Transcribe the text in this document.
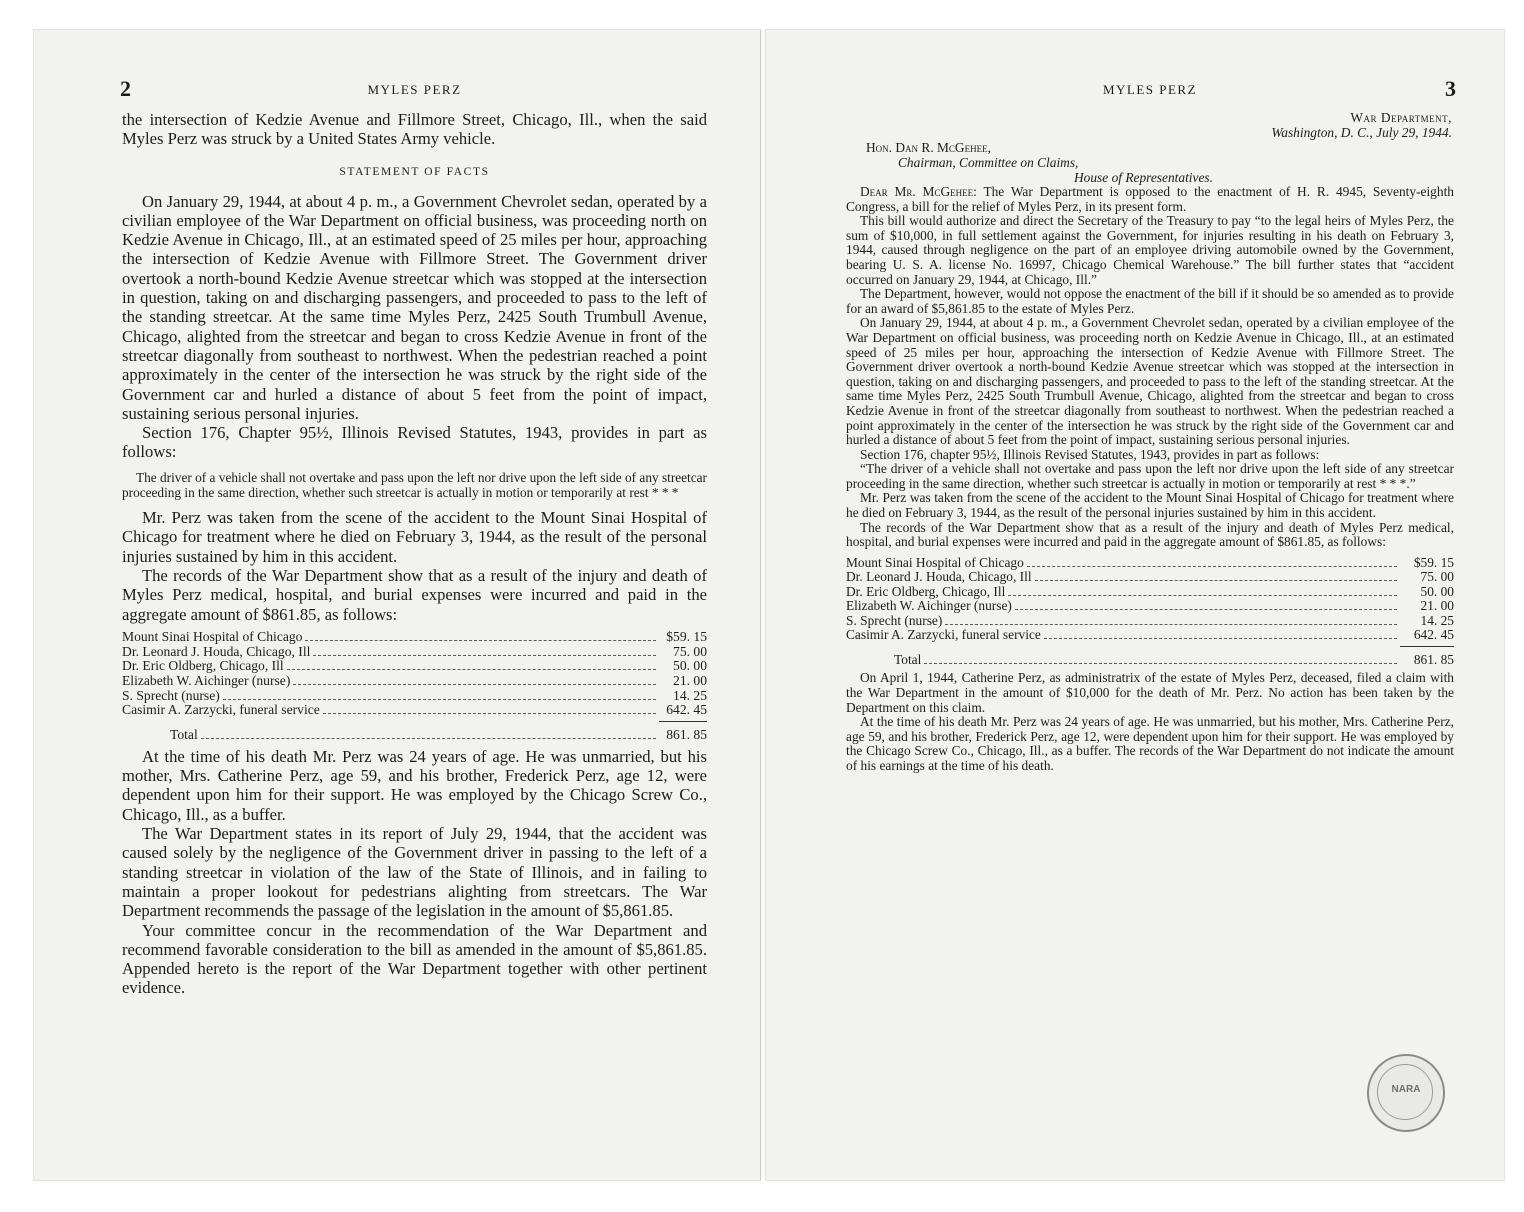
2	MYLES PERZ

the intersection of Kedzie Avenue and Fillmore Street, Chicago, Ill., when the said Myles Perz was struck by a United States Army vehicle.

STATEMENT OF FACTS

On January 29, 1944, at about 4 p. m., a Government Chevrolet sedan, operated by a civilian employee of the War Department on official business, was proceeding north on Kedzie Avenue in Chicago, Ill., at an estimated speed of 25 miles per hour, approaching the intersection of Kedzie Avenue with Fillmore Street. The Government driver overtook a north-bound Kedzie Avenue streetcar which was stopped at the intersection in question, taking on and discharging passengers, and proceeded to pass to the left of the standing streetcar. At the same time Myles Perz, 2425 South Trumbull Avenue, Chicago, alighted from the streetcar and began to cross Kedzie Avenue in front of the streetcar diagonally from southeast to northwest. When the pedestrian reached a point approximately in the center of the intersection he was struck by the right side of the Government car and hurled a distance of about 5 feet from the point of impact, sustaining serious personal injuries.

Section 176, Chapter 95½, Illinois Revised Statutes, 1943, provides in part as follows:

The driver of a vehicle shall not overtake and pass upon the left nor drive upon the left side of any streetcar proceeding in the same direction, whether such streetcar is actually in motion or temporarily at rest * * *

Mr. Perz was taken from the scene of the accident to the Mount Sinai Hospital of Chicago for treatment where he died on February 3, 1944, as the result of the personal injuries sustained by him in this accident.

The records of the War Department show that as a result of the injury and death of Myles Perz medical, hospital, and burial expenses were incurred and paid in the aggregate amount of $861.85, as follows:

Mount Sinai Hospital of Chicago	$59. 15
Dr. Leonard J. Houda, Chicago, Ill	75. 00
Dr. Eric Oldberg, Chicago, Ill	50. 00
Elizabeth W. Aichinger (nurse)	21. 00
S. Sprecht (nurse)	14. 25
Casimir A. Zarzycki, funeral service	642. 45
Total	861. 85

At the time of his death Mr. Perz was 24 years of age. He was unmarried, but his mother, Mrs. Catherine Perz, age 59, and his brother, Frederick Perz, age 12, were dependent upon him for their support. He was employed by the Chicago Screw Co., Chicago, Ill., as a buffer.

The War Department states in its report of July 29, 1944, that the accident was caused solely by the negligence of the Government driver in passing to the left of a standing streetcar in violation of the law of the State of Illinois, and in failing to maintain a proper lookout for pedestrians alighting from streetcars. The War Department recommends the passage of the legislation in the amount of $5,861.85.

Your committee concur in the recommendation of the War Department and recommend favorable consideration to the bill as amended in the amount of $5,861.85. Appended hereto is the report of the War Department together with other pertinent evidence.

MYLES PERZ	3
War Department,
Washington, D. C., July 29, 1944.
Hon. Dan R. McGehee,
Chairman, Committee on Claims,
House of Representatives.

Dear Mr. McGehee: The War Department is opposed to the enactment of H. R. 4945, Seventy-eighth Congress, a bill for the relief of Myles Perz, in its present form.

This bill would authorize and direct the Secretary of the Treasury to pay “to the legal heirs of Myles Perz, the sum of $10,000, in full settlement against the Government, for injuries resulting in his death on February 3, 1944, caused through negligence on the part of an employee driving automobile owned by the Government, bearing U. S. A. license No. 16997, Chicago Chemical Warehouse.” The bill further states that “accident occurred on January 29, 1944, at Chicago, Ill.”

The Department, however, would not oppose the enactment of the bill if it should be so amended as to provide for an award of $5,861.85 to the estate of Myles Perz.

On January 29, 1944, at about 4 p. m., a Government Chevrolet sedan, operated by a civilian employee of the War Department on official business, was proceeding north on Kedzie Avenue in Chicago, Ill., at an estimated speed of 25 miles per hour, approaching the intersection of Kedzie Avenue with Fillmore Street. The Government driver overtook a north-bound Kedzie Avenue streetcar which was stopped at the intersection in question, taking on and discharging passengers, and proceeded to pass to the left of the standing streetcar. At the same time Myles Perz, 2425 South Trumbull Avenue, Chicago, alighted from the streetcar and began to cross Kedzie Avenue in front of the streetcar diagonally from southeast to northwest. When the pedestrian reached a point approximately in the center of the intersection he was struck by the right side of the Government car and hurled a distance of about 5 feet from the point of impact, sustaining serious personal injuries.

Section 176, chapter 95½, Illinois Revised Statutes, 1943, provides in part as follows:

“The driver of a vehicle shall not overtake and pass upon the left nor drive upon the left side of any streetcar proceeding in the same direction, whether such streetcar is actually in motion or temporarily at rest * * *.”

Mr. Perz was taken from the scene of the accident to the Mount Sinai Hospital of Chicago for treatment where he died on February 3, 1944, as the result of the personal injuries sustained by him in this accident.

The records of the War Department show that as a result of the injury and death of Myles Perz medical, hospital, and burial expenses were incurred and paid in the aggregate amount of $861.85, as follows:

Mount Sinai Hospital of Chicago	$59. 15
Dr. Leonard J. Houda, Chicago, Ill	75. 00
Dr. Eric Oldberg, Chicago, Ill	50. 00
Elizabeth W. Aichinger (nurse)	21. 00
S. Sprecht (nurse)	14. 25
Casimir A. Zarzycki, funeral service	642. 45
Total	861. 85

On April 1, 1944, Catherine Perz, as administratrix of the estate of Myles Perz, deceased, filed a claim with the War Department in the amount of $10,000 for the death of Mr. Perz. No action has been taken by the Department on this claim.

At the time of his death Mr. Perz was 24 years of age. He was unmarried, but his mother, Mrs. Catherine Perz, age 59, and his brother, Frederick Perz, age 12, were dependent upon him for their support. He was employed by the Chicago Screw Co., Chicago, Ill., as a buffer. The records of the War Department do not indicate the amount of his earnings at the time of his death.

NARA
